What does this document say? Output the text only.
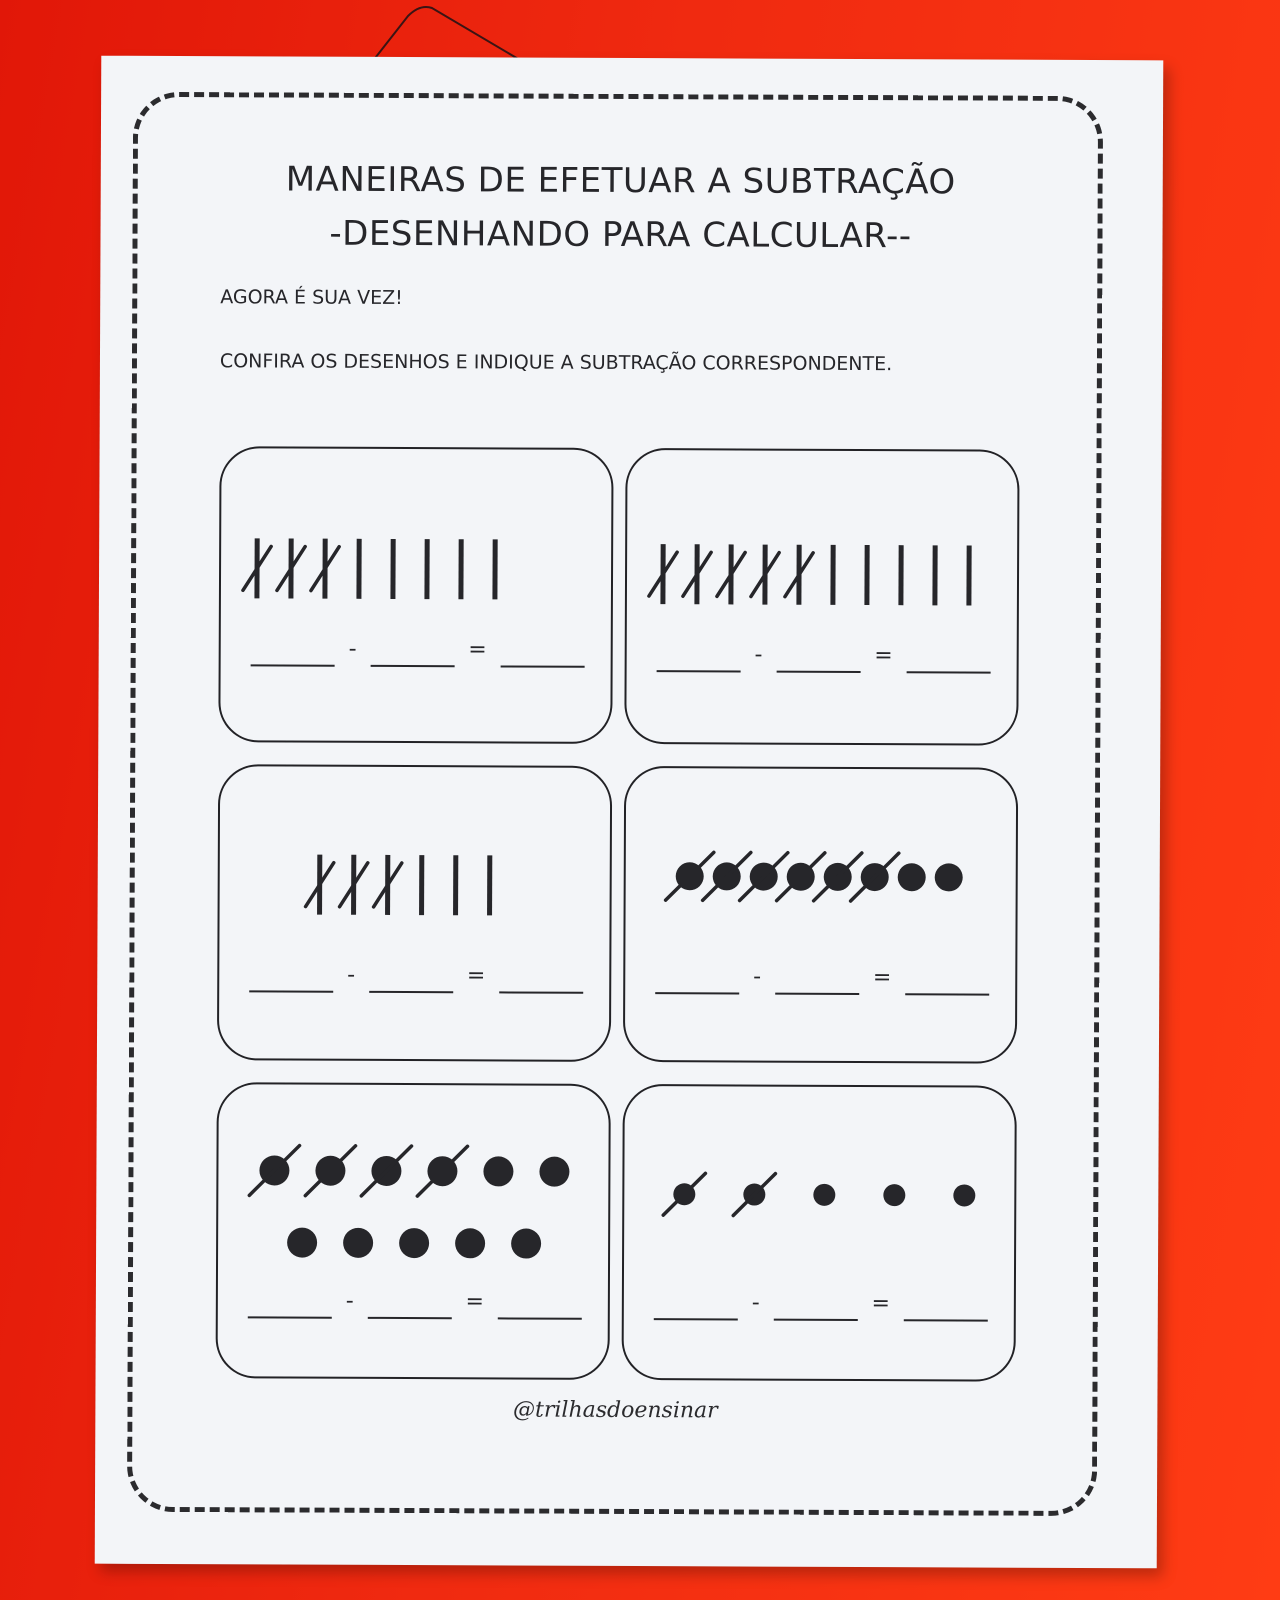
MANEIRAS DE EFETUAR A SUBTRAÇÃO
-DESENHANDO PARA CALCULAR--
AGORA É SUA VEZ!
CONFIRA OS DESENHOS E INDIQUE A SUBTRAÇÃO CORRESPONDENTE.
-	=	-	=
-	=	-	=
-	=	-	=
@trilhasdoensinar
